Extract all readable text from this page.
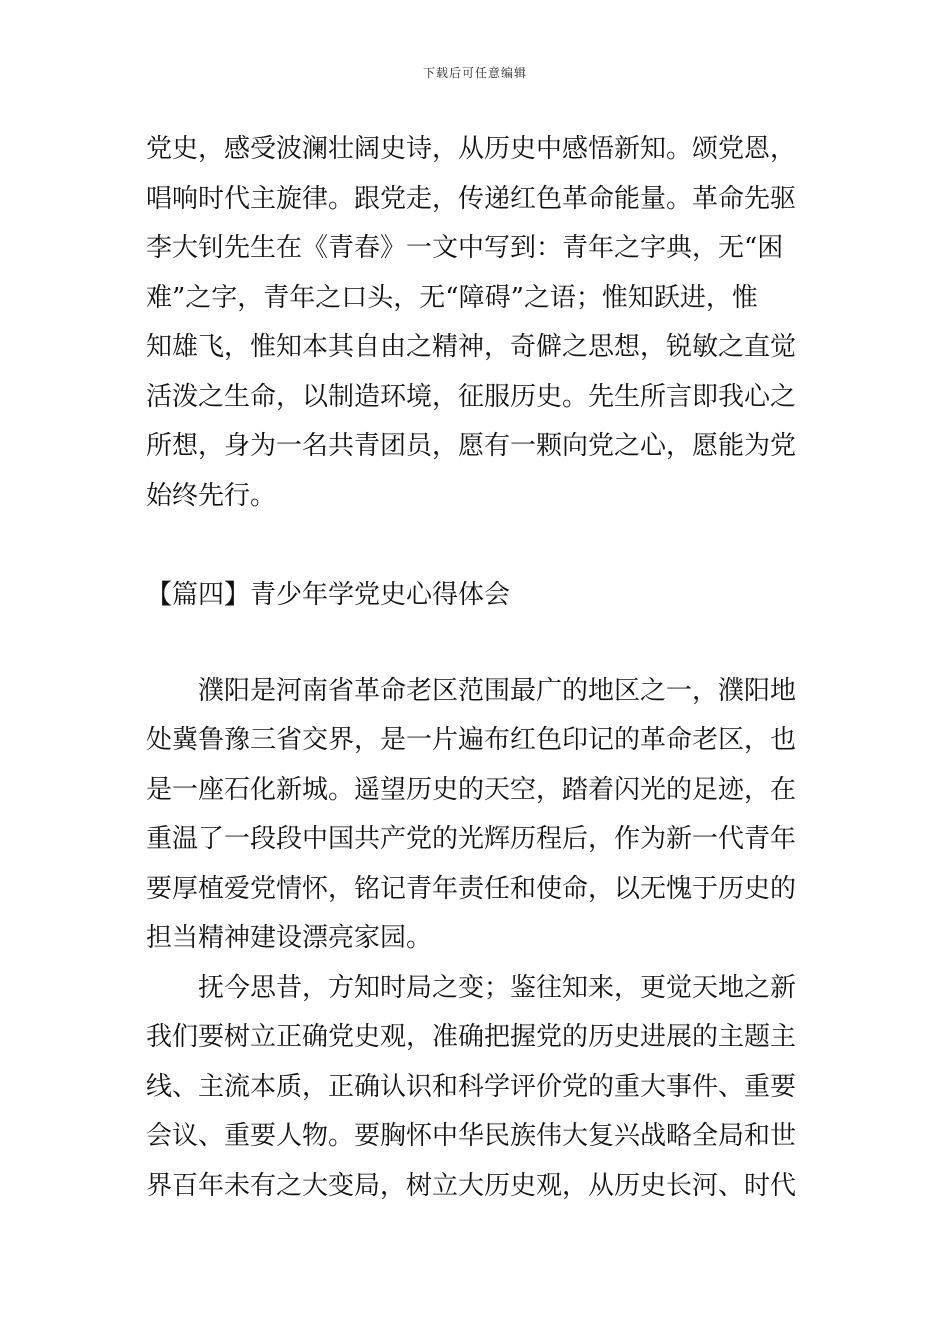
下载后可任意编辑
党史，感受波澜壮阔史诗，从历史中感悟新知。颂党恩，
唱响时代主旋律。跟党走，传递红色革命能量。革命先驱
李大钊先生在《青春》一文中写到：青年之字典，无“困
难”之字，青年之口头，无“障碍”之语；惟知跃进，惟
知雄飞，惟知本其自由之精神，奇僻之思想，锐敏之直觉
活泼之生命，以制造环境，征服历史。先生所言即我心之
所想，身为一名共青团员，愿有一颗向党之心，愿能为党
始终先行。
【篇四】青少年学党史心得体会
濮阳是河南省革命老区范围最广的地区之一，濮阳地
处冀鲁豫三省交界，是一片遍布红色印记的革命老区，也
是一座石化新城。遥望历史的天空，踏着闪光的足迹，在
重温了一段段中国共产党的光辉历程后，作为新一代青年
要厚植爱党情怀，铭记青年责任和使命，以无愧于历史的
担当精神建设漂亮家园。
抚今思昔，方知时局之变；鉴往知来，更觉天地之新
我们要树立正确党史观，准确把握党的历史进展的主题主
线、主流本质，正确认识和科学评价党的重大事件、重要
会议、重要人物。要胸怀中华民族伟大复兴战略全局和世
界百年未有之大变局，树立大历史观，从历史长河、时代
